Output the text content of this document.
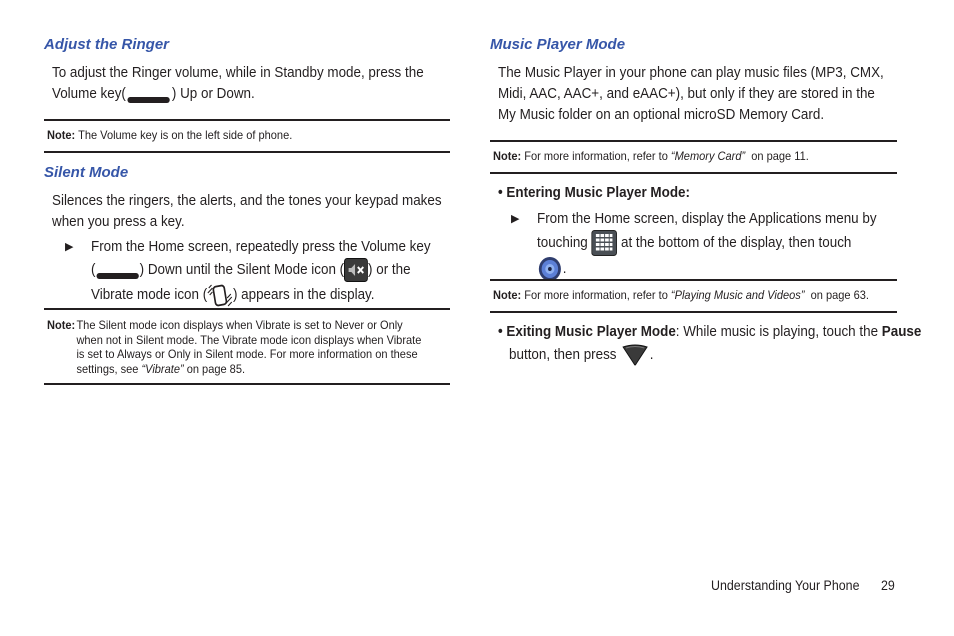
Adjust the Ringer
To adjust the Ringer volume, while in Standby mode, press the
Volume key(	) Up or Down.
Note: The Volume key is on the left side of phone.
Silent Mode
Silences the ringers, the alerts, and the tones your keypad makes
when you press a key.
▶ From the Home screen, repeatedly press the Volume key
(	) Down until the Silent Mode icon ( ) or the
Vibrate mode icon ( ) appears in the display.
Note: The Silent mode icon displays when Vibrate is set to Never or Only
when not in Silent mode. The Vibrate mode icon displays when Vibrate
is set to Always or Only in Silent mode. For more information on these
settings, see “Vibrate” on page 85.
Music Player Mode
The Music Player in your phone can play music files (MP3, CMX,
Midi, AAC, AAC+, and eAAC+), but only if they are stored in the
My Music folder on an optional microSD Memory Card.
Note: For more information, refer to “Memory Card”  on page 11.
• Entering Music Player Mode:
▶ From the Home screen, display the Applications menu by
touching  at the bottom of the display, then touch
.
Note: For more information, refer to “Playing Music and Videos”  on page 63.
• Exiting Music Player Mode: While music is playing, touch the Pause
button, then press .
Understanding Your Phone 29
